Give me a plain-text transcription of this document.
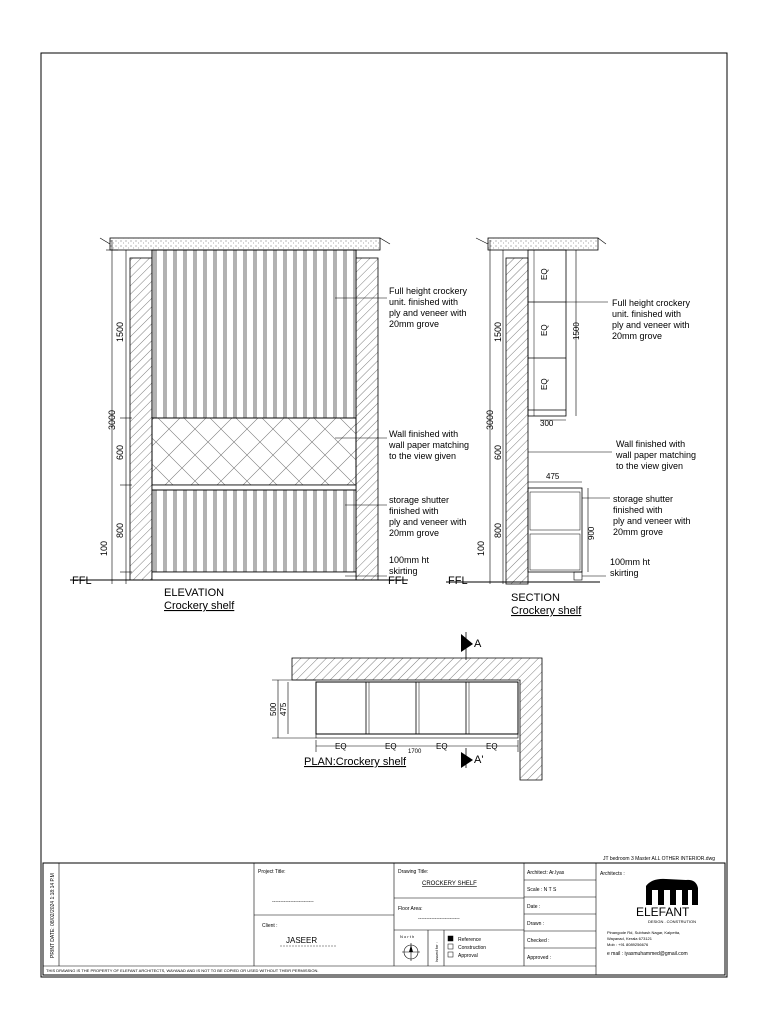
3000
1500
600
800
100
FFL	FFL
ELEVATION
Crockery shelf
Full height crockery
unit. finished with
ply and veneer with
20mm grove
Wall finished with
wall paper matching
to the view given
storage shutter
finished with
ply and veneer with
20mm grove
100mm ht
skirting
3000
1500
600
800
100
EQ
EQ
EQ
1500
300
475
900
FFL
SECTION
Crockery shelf
Full height crockery
unit. finished with
ply and veneer with
20mm grove
Wall finished with
wall paper matching
to the view given
storage shutter
finished with
ply and veneer with
20mm grove
100mm ht
skirting
500 475
EQ	EQ	EQ	EQ
1700
A
A'
PLAN:Crockery shelf
JT bedroom 3 Master ALL OTHER INTERIOR.dwg
PRINT DATE: 08/02/2024 1:18:14 P.M
THIS DRAWING IS THE PROPERTY OF ELEFANT ARCHITECTS, WAYANAD AND IS NOT TO BE COPIED OR USED WITHOUT THEIR PERMISSION.
Project Title:
-------------------------
Client :
JASEER
Drawing Title:
CROCKERY SHELF
Floor Area:
-------------------------
N o r t h
Issued for :
Reference
Construction
Approval
Architect: Ar.Iyas
Scale : N T S
Date :
Drawn :
Checked :
Approved :
Architects :
ELEFANT
DESIGN . CONSTRUTION
Pinangode Rd, Subhash Nagar, Kalpetta,
Wayanad, Kerala 673121
Mob : +91 8089256676
e mail : iyasmuhammed@gmail.com
